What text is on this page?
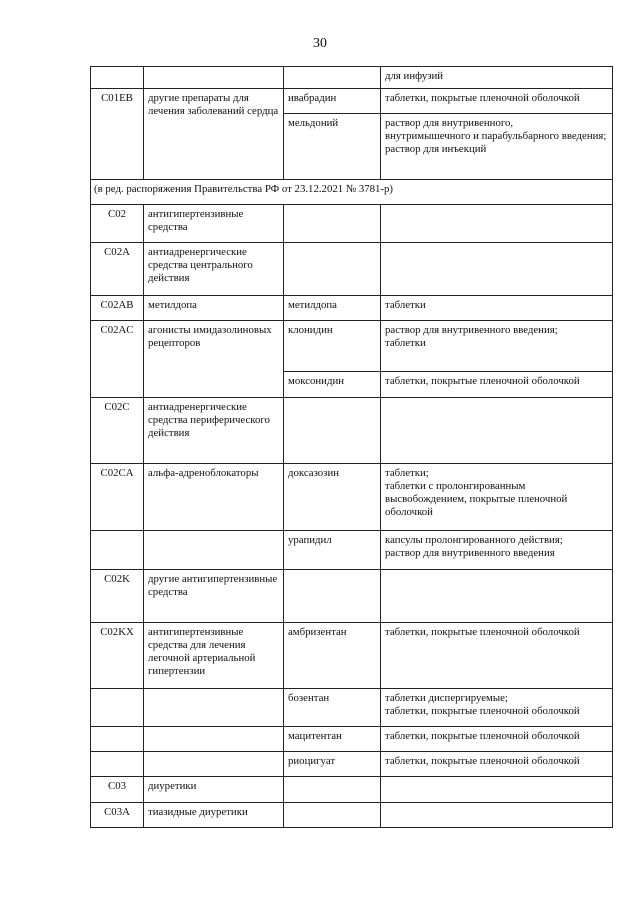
30
			для инфузий
C01EB	другие препараты для лечения заболеваний сердца	ивабрадин	таблетки, покрытые пленочной оболочкой
		мельдоний	раствор для внутривенного,
внутримышечного и парабульбарного введения;
раствор для инъекций
(в ред. распоряжения Правительства РФ от 23.12.2021 № 3781-р)			
C02	антигипертензивные средства		
C02A	антиадренергические средства центрального действия		
C02AB	метилдопа	метилдопа	таблетки
C02AC	агонисты имидазолиновых рецепторов	клонидин	раствор для внутривенного введения;
таблетки
		моксонидин	таблетки, покрытые пленочной оболочкой
C02C	антиадренергические средства периферического действия		
C02CA	альфа-адреноблокаторы	доксазозин	таблетки;
таблетки с пролонгированным высвобождением, покрытые пленочной оболочкой
		урапидил	капсулы пролонгированного действия;
раствор для внутривенного введения
C02K	другие антигипертензивные средства		
C02KX	антигипертензивные средства для лечения легочной артериальной гипертензии	амбризентан	таблетки, покрытые пленочной оболочкой
		бозентан	таблетки диспергируемые;
таблетки, покрытые пленочной оболочкой
		мацитентан	таблетки, покрытые пленочной оболочкой
		риоцигуат	таблетки, покрытые пленочной оболочкой
C03	диуретики		
C03A	тиазидные диуретики		
